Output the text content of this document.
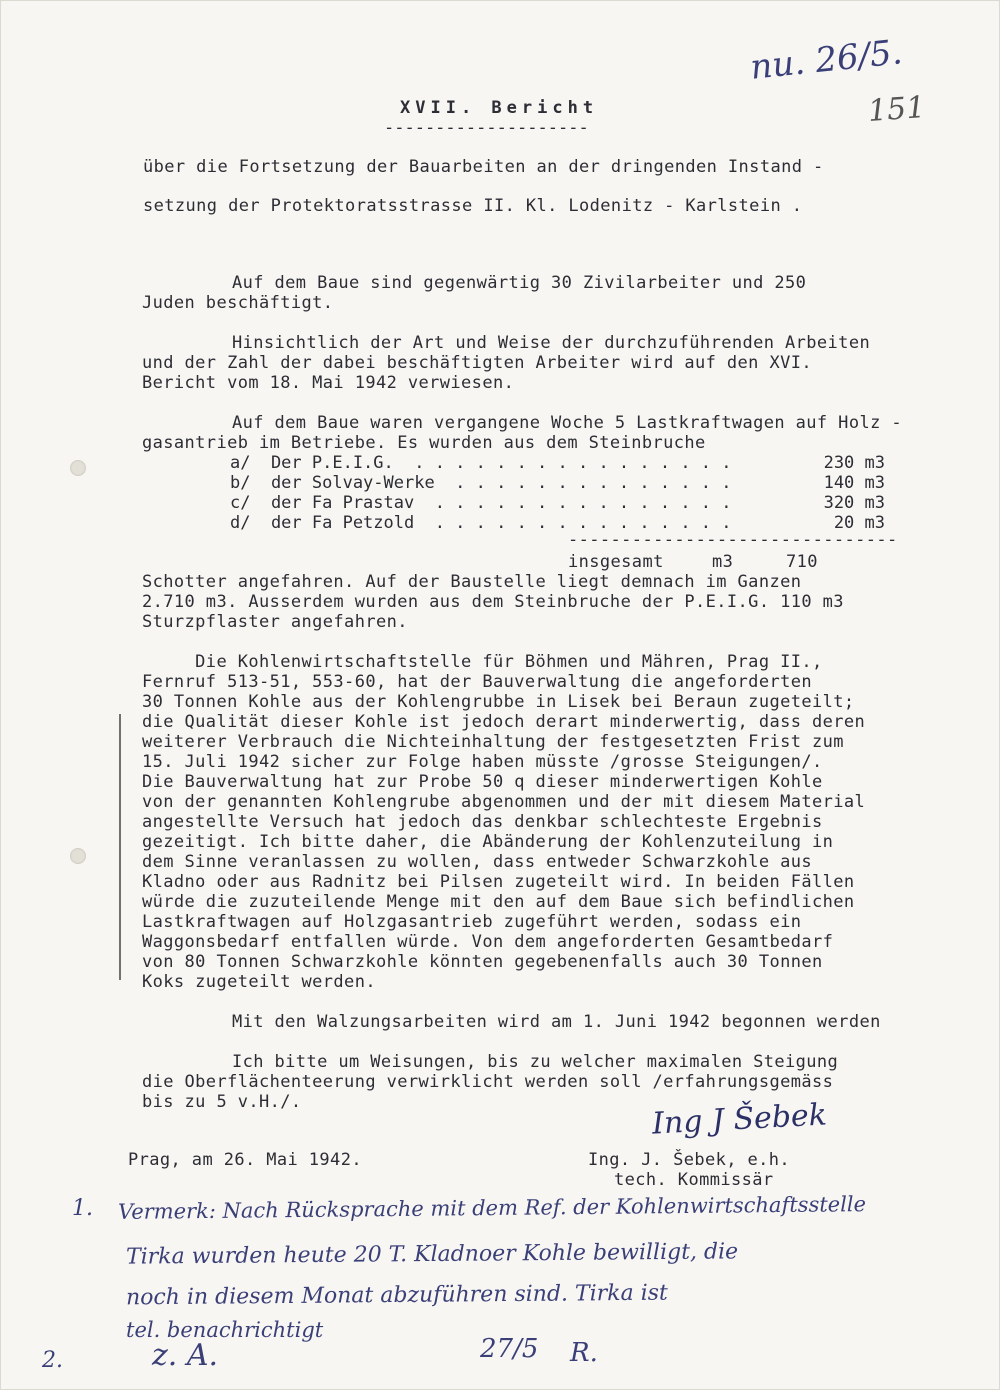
nu. 26/5.
151
XVII. Bericht
--------------------
über die Fortsetzung der Bauarbeiten an der dringenden Instand -
setzung der Protektoratsstrasse II. Kl. Lodenitz - Karlstein .
Auf dem Baue sind gegenwärtig 30 Zivilarbeiter und 250
Juden beschäftigt.
Hinsichtlich der Art und Weise der durchzuführenden Arbeiten
und der Zahl der dabei beschäftigten Arbeiter wird auf den XVI.
Bericht vom 18. Mai 1942 verwiesen.
Auf dem Baue waren vergangene Woche 5 Lastkraftwagen auf Holz -
gasantrieb im Betriebe. Es wurden aus dem Steinbruche
a/  Der P.E.I.G.  . . . . . . . . . . . . . . . .	230 m3
b/  der Solvay-Werke  . . . . . . . . . . . . . .	140 m3
c/  der Fa Prastav  . . . . . . . . . . . . . . .	320 m3
d/  der Fa Petzold  . . . . . . . . . . . . . . .	20 m3
-------------------------------
insgesamt	m3	710
Schotter angefahren. Auf der Baustelle liegt demnach im Ganzen
2.710 m3. Ausserdem wurden aus dem Steinbruche der P.E.I.G. 110 m3
Sturzpflaster angefahren.
Die Kohlenwirtschaftstelle für Böhmen und Mähren, Prag II.,
Fernruf 513-51, 553-60, hat der Bauverwaltung die angeforderten
30 Tonnen Kohle aus der Kohlengrubbe in Lisek bei Beraun zugeteilt;
die Qualität dieser Kohle ist jedoch derart minderwertig, dass deren
weiterer Verbrauch die Nichteinhaltung der festgesetzten Frist zum
15. Juli 1942 sicher zur Folge haben müsste /grosse Steigungen/.
Die Bauverwaltung hat zur Probe 50 q dieser minderwertigen Kohle
von der genannten Kohlengrube abgenommen und der mit diesem Material
angestellte Versuch hat jedoch das denkbar schlechteste Ergebnis
gezeitigt. Ich bitte daher, die Abänderung der Kohlenzuteilung in
dem Sinne veranlassen zu wollen, dass entweder Schwarzkohle aus
Kladno oder aus Radnitz bei Pilsen zugeteilt wird. In beiden Fällen
würde die zuzuteilende Menge mit den auf dem Baue sich befindlichen
Lastkraftwagen auf Holzgasantrieb zugeführt werden, sodass ein
Waggonsbedarf entfallen würde. Von dem angeforderten Gesamtbedarf
von 80 Tonnen Schwarzkohle könnten gegebenenfalls auch 30 Tonnen
Koks zugeteilt werden.
Mit den Walzungsarbeiten wird am 1. Juni 1942 begonnen werden
Ich bitte um Weisungen, bis zu welcher maximalen Steigung
die Oberflächenteerung verwirklicht werden soll /erfahrungsgemäss
bis zu 5 v.H./.	Ing J Šebek
Prag, am 26. Mai 1942.	Ing. J. Šebek, e.h.
tech. Kommissär
1. Vermerk: Nach Rücksprache mit dem Ref. der Kohlenwirtschaftsstelle
Tirka wurden heute 20 T. Kladnoer Kohle bewilligt, die
noch in diesem Monat abzuführen sind. Tirka ist
tel. benachrichtigt
2.	z. A.	27/5 R.
